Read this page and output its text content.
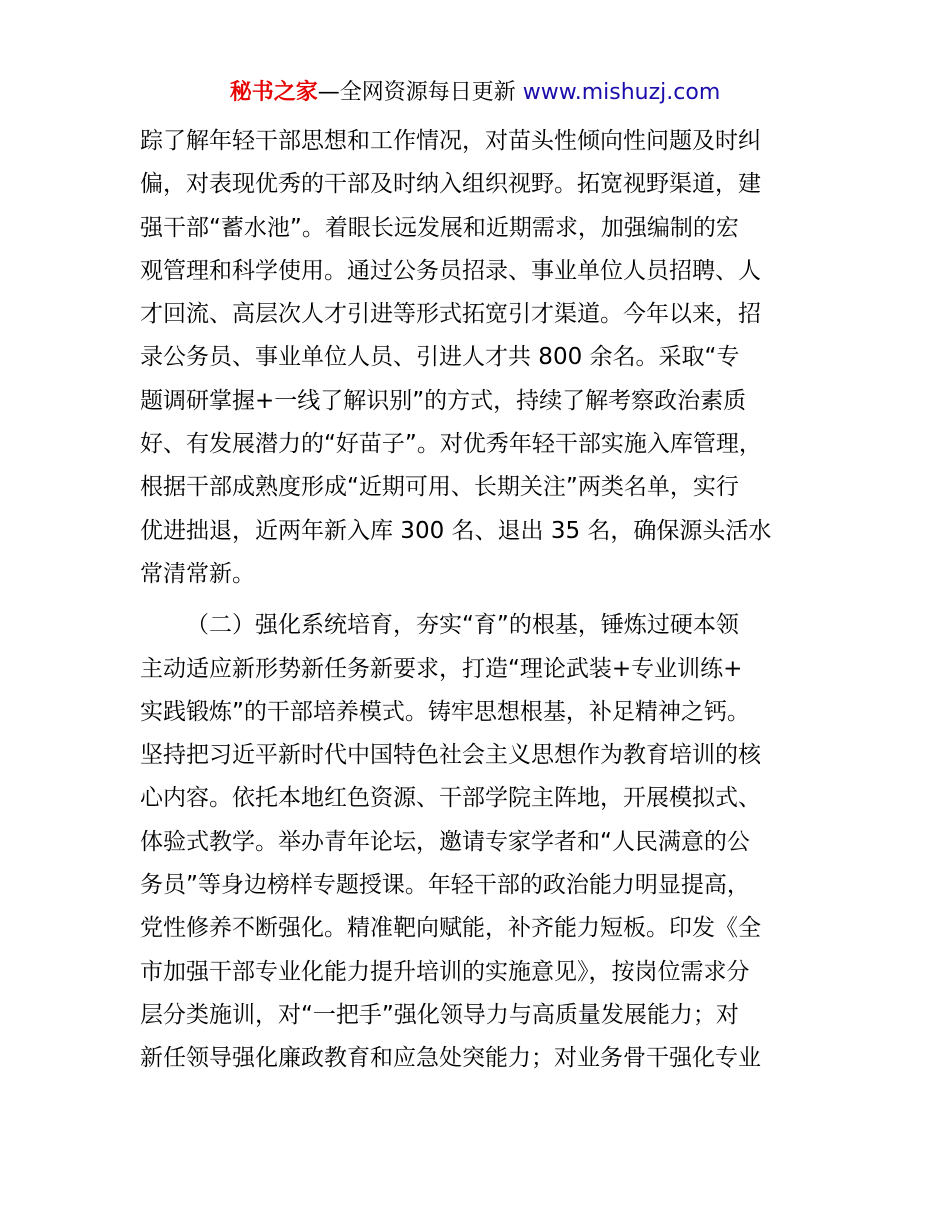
秘书之家—全网资源每日更新 www.mishuzj.com
踪了解年轻干部思想和工作情况，对苗头性倾向性问题及时纠
偏，对表现优秀的干部及时纳入组织视野。拓宽视野渠道，建
强干部“蓄水池”。着眼长远发展和近期需求，加强编制的宏
观管理和科学使用。通过公务员招录、事业单位人员招聘、人
才回流、高层次人才引进等形式拓宽引才渠道。今年以来，招
录公务员、事业单位人员、引进人才共 800 余名。采取“专
题调研掌握+一线了解识别”的方式，持续了解考察政治素质
好、有发展潜力的“好苗子”。对优秀年轻干部实施入库管理，
根据干部成熟度形成“近期可用、长期关注”两类名单，实行
优进拙退，近两年新入库 300 名、退出 35 名，确保源头活水
常清常新。
（二）强化系统培育，夯实“育”的根基，锤炼过硬本领
主动适应新形势新任务新要求，打造“理论武装+专业训练+
实践锻炼”的干部培养模式。铸牢思想根基，补足精神之钙。
坚持把习近平新时代中国特色社会主义思想作为教育培训的核
心内容。依托本地红色资源、干部学院主阵地，开展模拟式、
体验式教学。举办青年论坛，邀请专家学者和“人民满意的公
务员”等身边榜样专题授课。年轻干部的政治能力明显提高，
党性修养不断强化。精准靶向赋能，补齐能力短板。印发《全
市加强干部专业化能力提升培训的实施意见》，按岗位需求分
层分类施训，对“一把手”强化领导力与高质量发展能力；对
新任领导强化廉政教育和应急处突能力；对业务骨干强化专业
